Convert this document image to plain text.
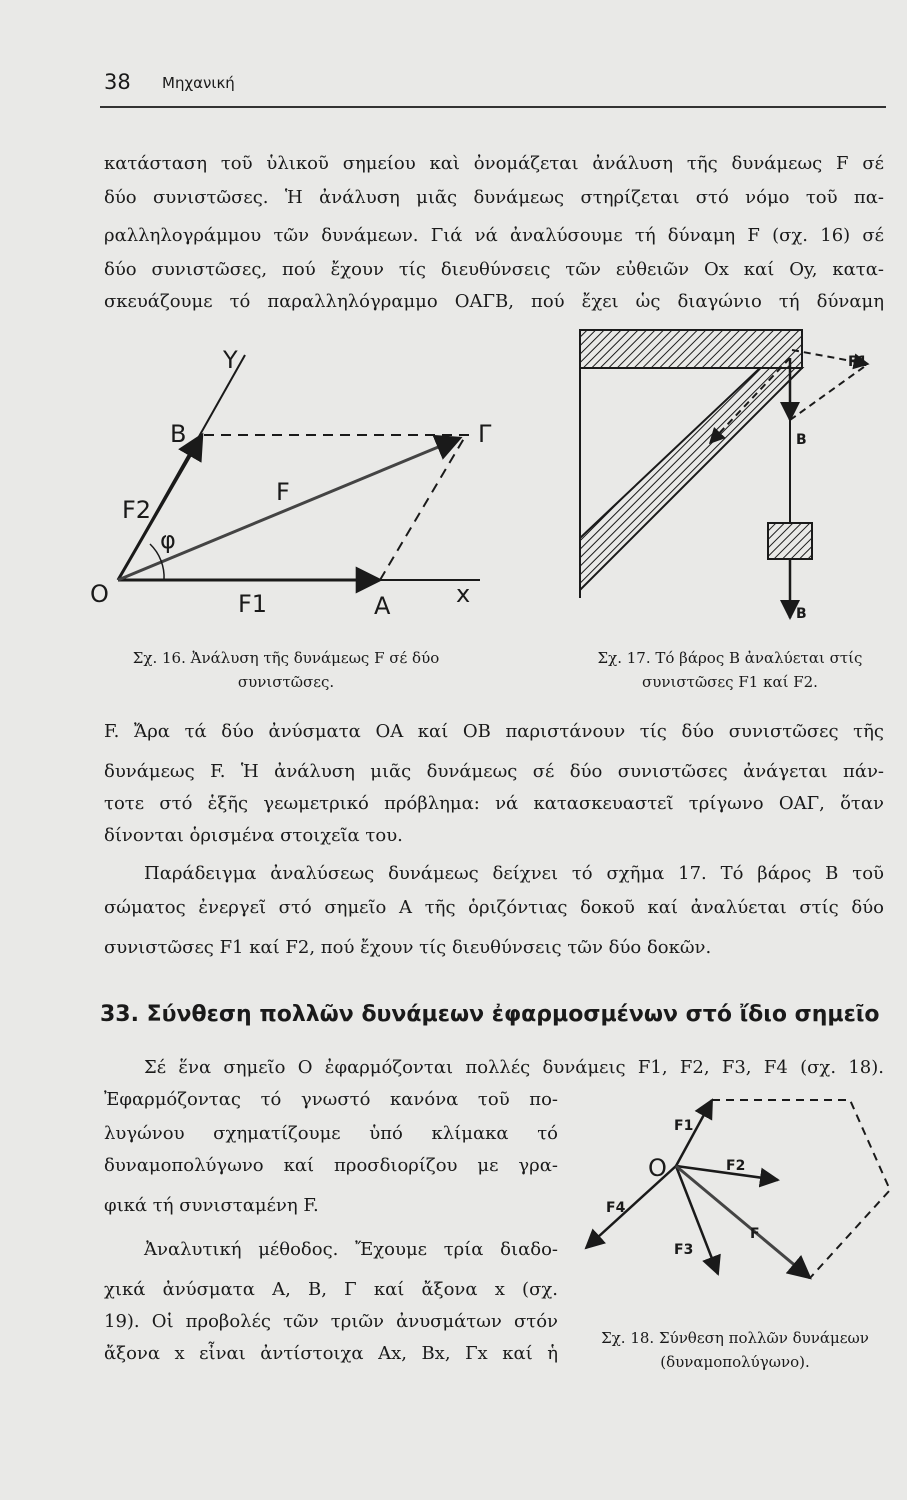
38 Μηχανική
κατάσταση τοῦ ὑλικοῦ σημείου καὶ ὀνομάζεται ἀνάλυση τῆς δυνάμεως F σέ
δύο συνιστῶσες. Ἡ ἀνάλυση μιᾶς δυνάμεως στηρίζεται στό νόμο τοῦ πα-
ραλληλογράμμου τῶν δυνάμεων. Γιά νά ἀναλύσουμε τή δύναμη F (σχ. 16) σέ
δύο συνιστῶσες, πού ἔχουν τίς διευθύνσεις τῶν εὐθειῶν Ox καί Oy, κατα-
σκευάζουμε τό παραλληλόγραμμο ΟΑΓΒ, πού ἔχει ὡς διαγώνιο τή δύναμη
Y
B	Γ
F
F2
φ
O	F1	A	x
Σχ. 16. Ἀνάλυση τῆς δυνάμεως F σέ δύο
συνιστῶσες.
F1
B
B
Σχ. 17. Τό βάρος B ἀναλύεται στίς
συνιστῶσες F1 καί F2.
F. Ἄρα τά δύο ἀνύσματα OA καί OB παριστάνουν τίς δύο συνιστῶσες τῆς
δυνάμεως F. Ἡ ἀνάλυση μιᾶς δυνάμεως σέ δύο συνιστῶσες ἀνάγεται πάν-
τοτε στό ἑξῆς γεωμετρικό πρόβλημα: νά κατασκευαστεῖ τρίγωνο ΟΑΓ, ὅταν
δίνονται ὁρισμένα στοιχεῖα του.
Παράδειγμα ἀναλύσεως δυνάμεως δείχνει τό σχῆμα 17. Τό βάρος B τοῦ
σώματος ἐνεργεῖ στό σημεῖο A τῆς ὁριζόντιας δοκοῦ καί ἀναλύεται στίς δύο
συνιστῶσες F1 καί F2, πού ἔχουν τίς διευθύνσεις τῶν δύο δοκῶν.
33. Σύνθεση πολλῶν δυνάμεων ἐφαρμοσμένων στό ἴδιο σημεῖο
Σέ ἕνα σημεῖο O ἐφαρμόζονται πολλές δυνάμεις F1, F2, F3, F4 (σχ. 18).
Ἐφαρμόζοντας τό γνωστό κανόνα τοῦ πο-
λυγώνου σχηματίζουμε ὑπό κλίμακα τό
δυναμοπολύγωνο καί προσδιορίζου με γρα-
φικά τή συνισταμένη F.
Ἀναλυτική μέθοδος. Ἔχουμε τρία διαδο-
χικά ἀνύσματα A, B, Γ καί ἄξονα x (σχ.
19). Οἱ προβολές τῶν τριῶν ἀνυσμάτων στόν
ἄξονα x εἶναι ἀντίστοιχα Ax, Bx, Γx καί ἡ
F1
O	F2
F4
F
F3
Σχ. 18. Σύνθεση πολλῶν δυνάμεων
(δυναμοπολύγωνο).
